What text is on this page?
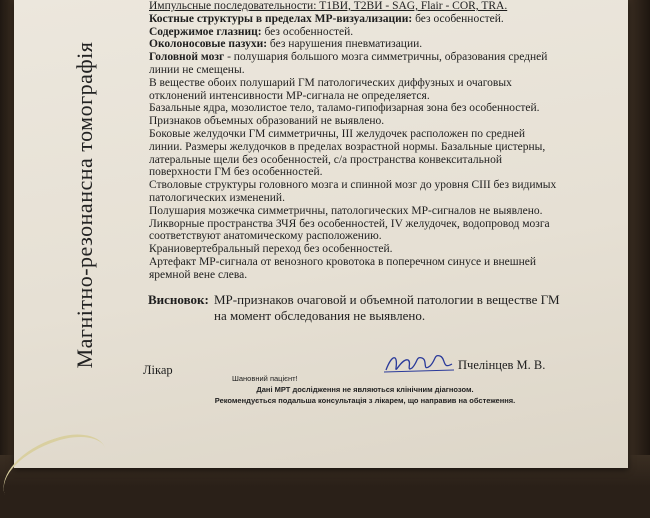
Магнітно-резонансна томографія

Импульсные последовательности: T1ВИ, T2ВИ - SAG, Flair - COR, TRA.

Костные структуры в пределах МР-визуализации: без особенностей.

Содержимое глазниц: без особенностей.

Околоносовые пазухи: без нарушения пневматизации.

Головной мозг - полушария большого мозга симметричны, образования средней линии не смещены.

В веществе обоих полушарий ГМ патологических диффузных и очаговых отклонений интенсивности МР-сигнала не определяется.

Базальные ядра, мозолистое тело, таламо-гипофизарная зона без особенностей. Признаков объемных образований не выявлено.

Боковые желудочки ГМ симметричны, III желудочек расположен по средней линии. Размеры желудочков в пределах возрастной нормы. Базальные цистерны, латеральные щели без особенностей, с/а пространства конвекситальной поверхности ГМ без особенностей.

Стволовые структуры головного мозга и спинной мозг до уровня CIII без видимых патологических изменений.

Полушария мозжечка симметричны, патологических МР-сигналов не выявлено. Ликворные пространства ЗЧЯ без особенностей, IV желудочек, водопровод мозга соответствуют анатомическому расположению.

Краниовертебральный переход без особенностей.

Артефакт МР-сигнала от венозного кровотока в поперечном синусе и внешней яремной вене слева.

Висновок: МР-признаков очаговой и объемной патологии в веществе ГМ на момент обследования не выявлено.
Лікар	Пчелінцев М. В.
Шановний пацієнт!
Дані МРТ дослідження не являються клінічним діагнозом.
Рекомендується подальша консультація з лікарем, що направив на обстеження.
